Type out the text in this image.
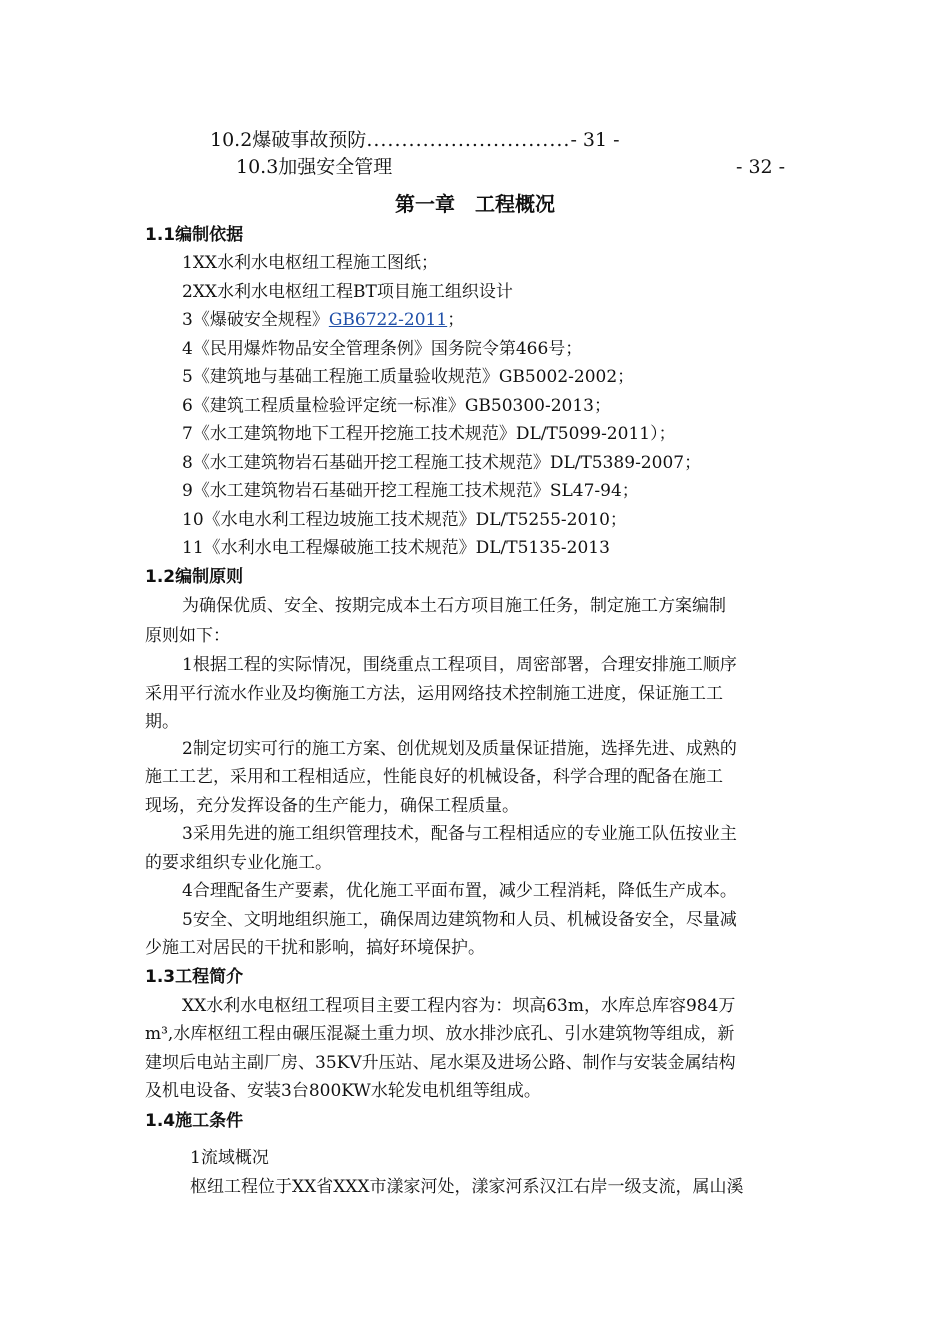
10.2爆破事故预防.............................- 31 -
10.3加强安全管理	- 32 -
第一章　工程概况
1.1编制依据
1XX水利水电枢纽工程施工图纸；
2XX水利水电枢纽工程BT项目施工组织设计
3《爆破安全规程》GB6722-2011；
4《民用爆炸物品安全管理条例》国务院令第466号；
5《建筑地与基础工程施工质量验收规范》GB5002-2002；
6《建筑工程质量检验评定统一标准》GB50300-2013；
7《水工建筑物地下工程开挖施工技术规范》DL/T5099-2011）；
8《水工建筑物岩石基础开挖工程施工技术规范》DL/T5389-2007；
9《水工建筑物岩石基础开挖工程施工技术规范》SL47-94；
10《水电水利工程边坡施工技术规范》DL/T5255-2010；
11《水利水电工程爆破施工技术规范》DL/T5135-2013
1.2编制原则
为确保优质、安全、按期完成本土石方项目施工任务，制定施工方案编制
原则如下：
1根据工程的实际情况，围绕重点工程项目，周密部署，合理安排施工顺序
采用平行流水作业及均衡施工方法，运用网络技术控制施工进度，保证施工工
期。
2制定切实可行的施工方案、创优规划及质量保证措施，选择先进、成熟的
施工工艺，采用和工程相适应，性能良好的机械设备，科学合理的配备在施工
现场，充分发挥设备的生产能力，确保工程质量。
3采用先进的施工组织管理技术，配备与工程相适应的专业施工队伍按业主
的要求组织专业化施工。
4合理配备生产要素，优化施工平面布置，减少工程消耗，降低生产成本。
5安全、文明地组织施工，确保周边建筑物和人员、机械设备安全，尽量减
少施工对居民的干扰和影响，搞好环境保护。
1.3工程简介
XX水利水电枢纽工程项目主要工程内容为：坝高63m，水库总库容984万
m³,水库枢纽工程由碾压混凝土重力坝、放水排沙底孔、引水建筑物等组成，新
建坝后电站主副厂房、35KV升压站、尾水渠及进场公路、制作与安装金属结构
及机电设备、安装3台800KW水轮发电机组等组成。
1.4施工条件
1流域概况
枢纽工程位于XX省XXX市漾家河处，漾家河系汉江右岸一级支流，属山溪
